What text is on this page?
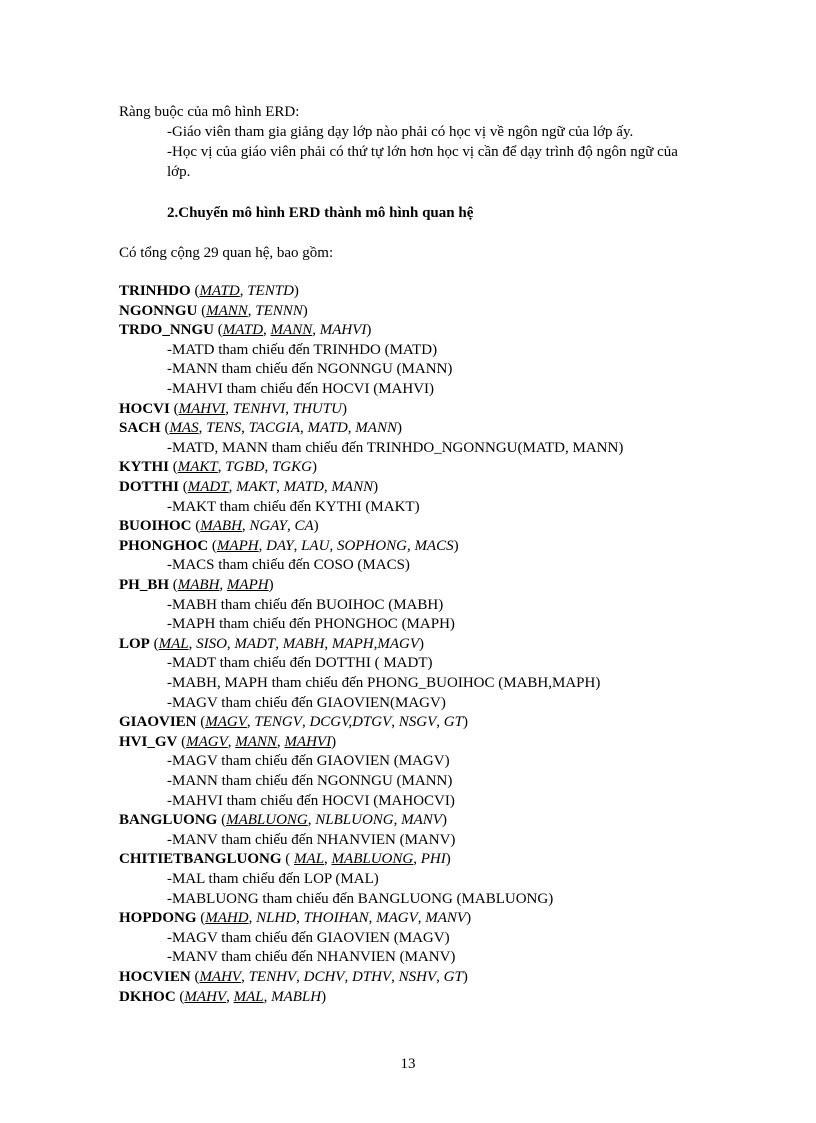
Ràng buộc của mô hình ERD:
-Giáo viên tham gia giảng dạy lớp nào phải có học vị về ngôn ngữ của lớp ấy.
-Học vị của giáo viên phải có thứ tự lớn hơn học vị cần để dạy trình độ ngôn ngữ của lớp.
2.Chuyển mô hình ERD thành mô hình quan hệ
Có tổng cộng 29 quan hệ, bao gồm:
TRINHDO (MATD, TENTD)
NGONNGU (MANN, TENNN)
TRDO_NNGU (MATD, MANN, MAHVI)
-MATD tham chiếu đến TRINHDO (MATD)
-MANN tham chiếu đến NGONNGU (MANN)
-MAHVI tham chiếu đến HOCVI (MAHVI)
HOCVI (MAHVI, TENHVI, THUTU)
SACH (MAS, TENS, TACGIA, MATD, MANN)
-MATD, MANN tham chiếu đến TRINHDO_NGONNGU(MATD, MANN)
KYTHI (MAKT, TGBD, TGKG)
DOTTHI (MADT, MAKT, MATD, MANN)
-MAKT tham chiếu đến KYTHI (MAKT)
BUOIHOC (MABH, NGAY, CA)
PHONGHOC (MAPH, DAY, LAU, SOPHONG, MACS)
-MACS tham chiếu đến COSO (MACS)
PH_BH (MABH, MAPH)
-MABH tham chiếu đến BUOIHOC (MABH)
-MAPH tham chiếu đến PHONGHOC (MAPH)
LOP (MAL, SISO, MADT, MABH, MAPH,MAGV)
-MADT tham chiếu đến DOTTHI ( MADT)
-MABH, MAPH tham chiếu đến PHONG_BUOIHOC (MABH,MAPH)
-MAGV tham chiếu đến GIAOVIEN(MAGV)
GIAOVIEN (MAGV, TENGV, DCGV,DTGV, NSGV, GT)
HVI_GV (MAGV, MANN, MAHVI)
-MAGV tham chiếu đến GIAOVIEN (MAGV)
-MANN tham chiếu đến NGONNGU (MANN)
-MAHVI tham chiếu đến HOCVI (MAHOCVI)
BANGLUONG (MABLUONG, NLBLUONG, MANV)
-MANV tham chiếu đến NHANVIEN (MANV)
CHITIETBANGLUONG ( MAL, MABLUONG, PHI)
-MAL tham chiếu đến LOP (MAL)
-MABLUONG tham chiếu đến BANGLUONG (MABLUONG)
HOPDONG (MAHD, NLHD, THOIHAN, MAGV, MANV)
-MAGV tham chiếu đến GIAOVIEN (MAGV)
-MANV tham chiếu đến NHANVIEN (MANV)
HOCVIEN (MAHV, TENHV, DCHV, DTHV, NSHV, GT)
DKHOC (MAHV, MAL, MABLH)
13
